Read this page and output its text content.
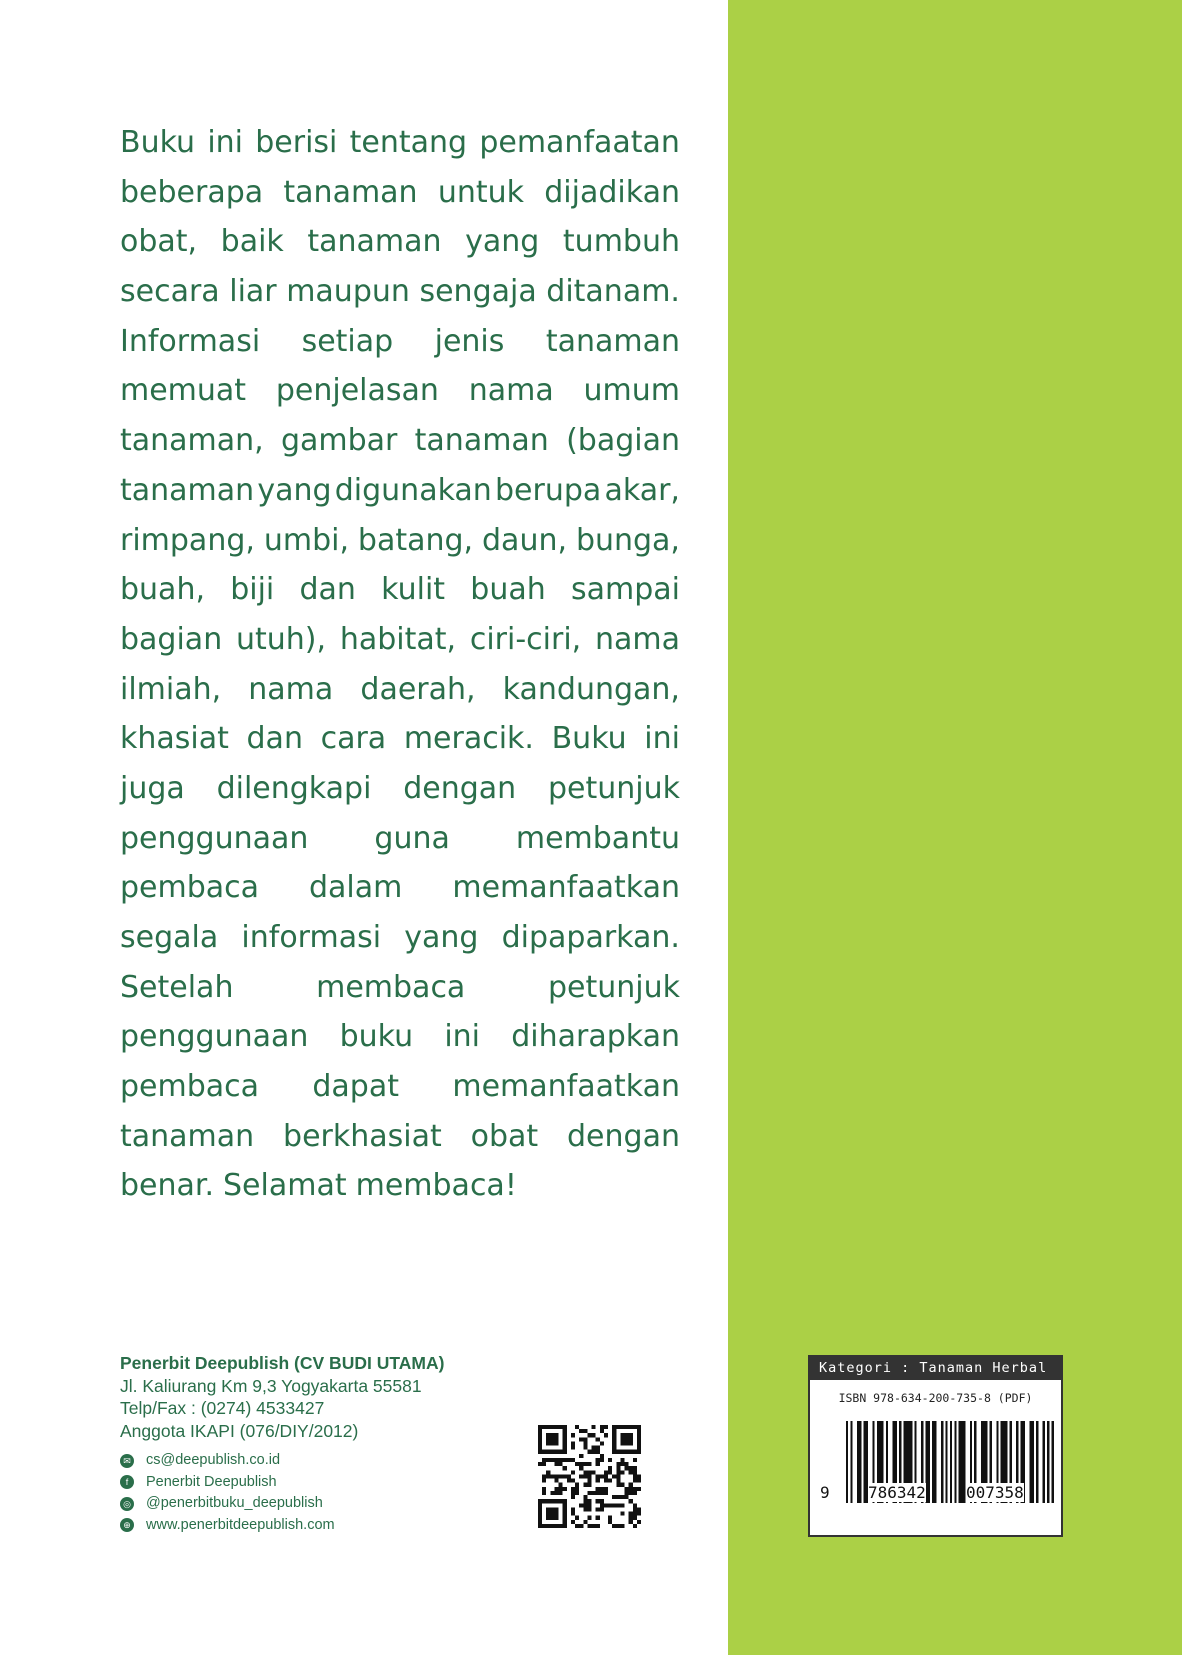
Buku ini berisi tentang pemanfaatan
beberapa tanaman untuk dijadikan
obat, baik tanaman yang tumbuh
secara liar maupun sengaja ditanam.
Informasi setiap jenis tanaman
memuat penjelasan nama umum
tanaman, gambar tanaman (bagian
tanaman yang digunakan berupa akar,
rimpang, umbi, batang, daun, bunga,
buah, biji dan kulit buah sampai
bagian utuh), habitat, ciri-ciri, nama
ilmiah, nama daerah, kandungan,
khasiat dan cara meracik. Buku ini
juga dilengkapi dengan petunjuk
penggunaan guna membantu
pembaca dalam memanfaatkan
segala informasi yang dipaparkan.
Setelah	membaca	petunjuk
penggunaan buku ini diharapkan
pembaca dapat memanfaatkan
tanaman berkhasiat obat dengan
benar. Selamat membaca!
Penerbit Deepublish (CV BUDI UTAMA)
Jl. Kaliurang Km 9,3 Yogyakarta 55581
Telp/Fax : (0274) 4533427
Anggota IKAPI (076/DIY/2012)
✉ cs@deepublish.co.id
f	Penerbit Deepublish
◎ @penerbitbuku_deepublish
⊕ www.penerbitdeepublish.com
Kategori : Tanaman Herbal
ISBN 978-634-200-735-8 (PDF)
9 786342	007358
